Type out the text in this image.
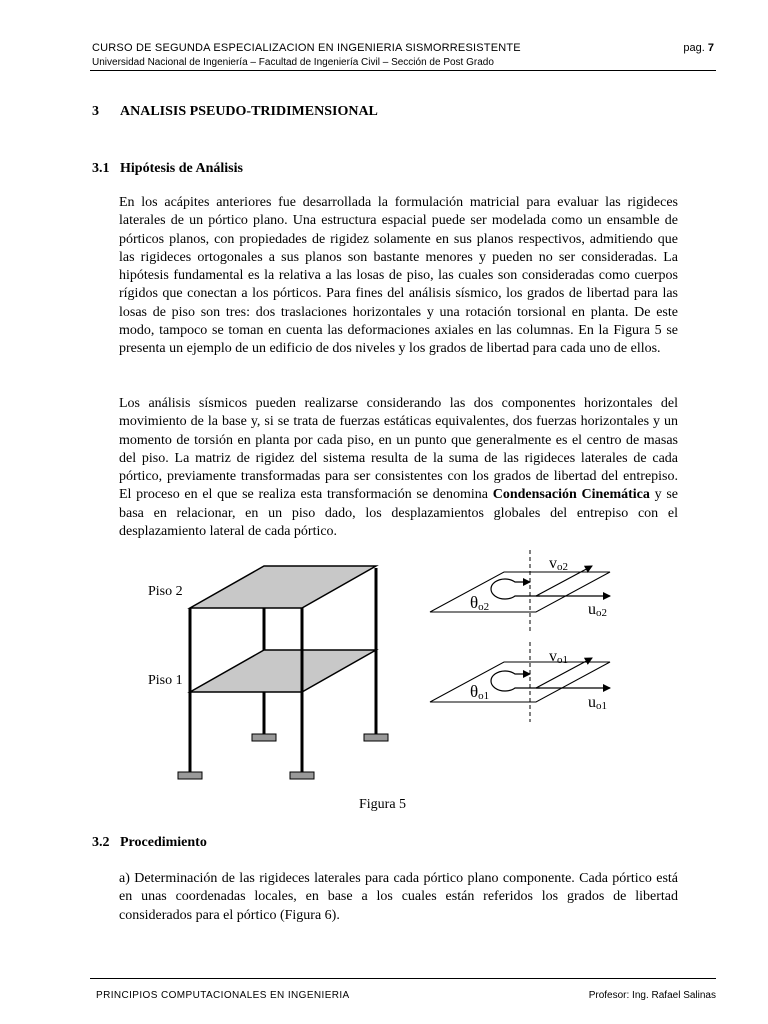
CURSO DE SEGUNDA ESPECIALIZACION EN INGENIERIA SISMORRESISTENTE
Universidad Nacional de Ingeniería – Facultad de Ingeniería Civil – Sección de Post Grado
pag. 7
3 ANALISIS PSEUDO-TRIDIMENSIONAL
3.1 Hipótesis de Análisis
En los acápites anteriores fue desarrollada la formulación matricial para evaluar las rigideces laterales de un pórtico plano. Una estructura espacial puede ser modelada como un ensamble de pórticos planos, con propiedades de rigidez solamente en sus planos respectivos, admitiendo que las rigideces ortogonales a sus planos son bastante menores y pueden no ser consideradas. La hipótesis fundamental es la relativa a las losas de piso, las cuales son consideradas como cuerpos rígidos que conectan a los pórticos. Para fines del análisis sísmico, los grados de libertad para las losas de piso son tres: dos traslaciones horizontales y una rotación torsional en planta. De este modo, tampoco se toman en cuenta las deformaciones axiales en las columnas. En la Figura 5 se presenta un ejemplo de un edificio de dos niveles y los grados de libertad para cada uno de ellos.
Los análisis sísmicos pueden realizarse considerando las dos componentes horizontales del movimiento de la base y, si se trata de fuerzas estáticas equivalentes, dos fuerzas horizontales y un momento de torsión en planta por cada piso, en un punto que generalmente es el centro de masas del piso. La matriz de rigidez del sistema resulta de la suma de las rigideces laterales de cada pórtico, previamente transformadas para ser consistentes con los grados de libertad del entrepiso. El proceso en el que se realiza esta transformación se denomina Condensación Cinemática y se basa en relacionar, en un piso dado, los desplazamientos globales del entrepiso con el desplazamiento lateral de cada pórtico.
Piso 2
Piso 1
vo2
uo2
θo2
vo1
uo1
θo1
Figura 5
3.2 Procedimiento
a) Determinación de las rigideces laterales para cada pórtico plano componente. Cada pórtico está en unas coordenadas locales, en base a los cuales están referidos los grados de libertad considerados para el pórtico (Figura 6).
PRINCIPIOS COMPUTACIONALES EN INGENIERIA	Profesor: Ing. Rafael Salinas
